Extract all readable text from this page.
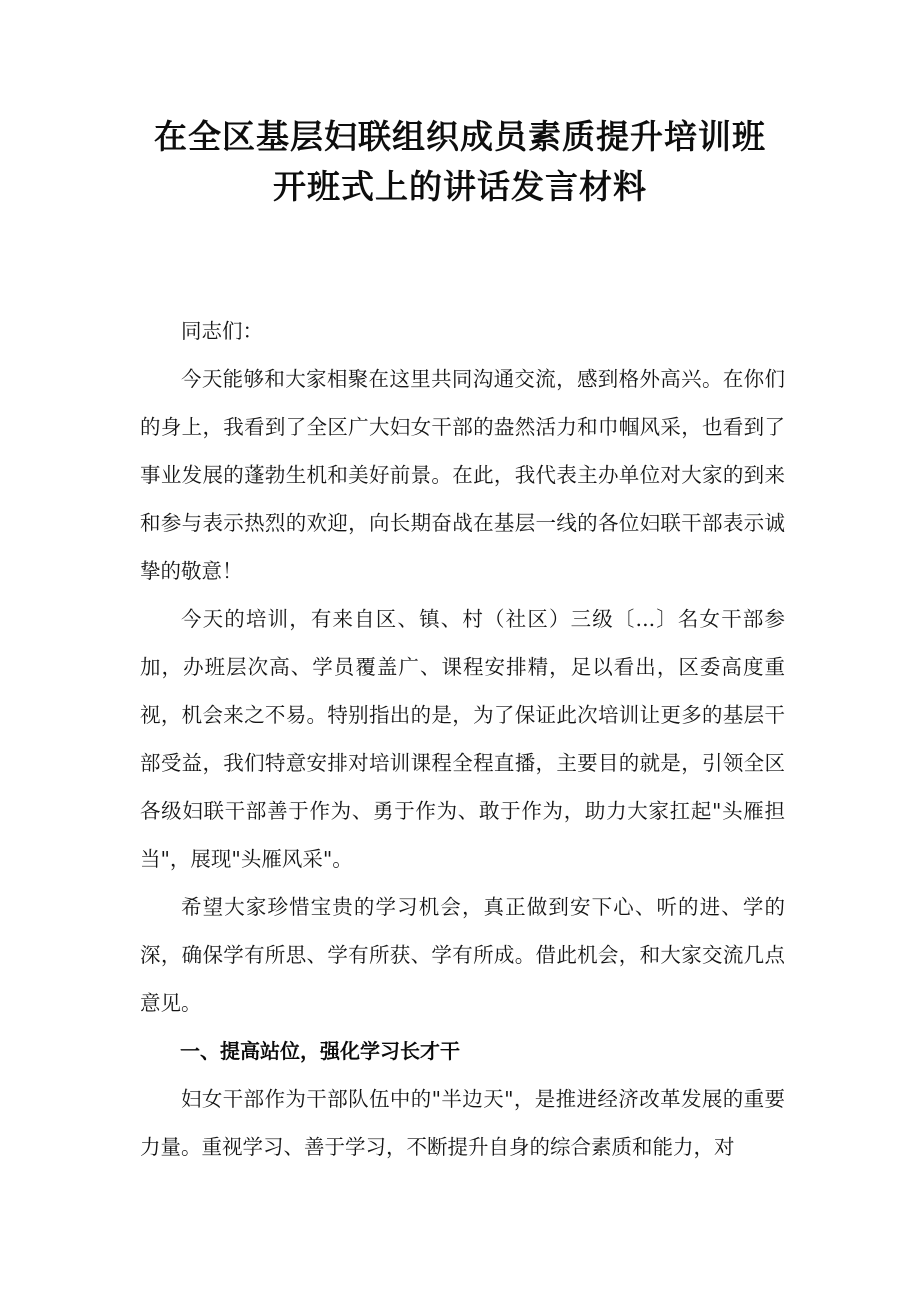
在全区基层妇联组织成员素质提升培训班
开班式上的讲话发言材料

同志们：

今天能够和大家相聚在这里共同沟通交流，感到格外高兴。在你们的身上，我看到了全区广大妇女干部的盎然活力和巾帼风采，也看到了事业发展的蓬勃生机和美好前景。在此，我代表主办单位对大家的到来和参与表示热烈的欢迎，向长期奋战在基层一线的各位妇联干部表示诚挚的敬意！

今天的培训，有来自区、镇、村（社区）三级〔...〕名女干部参加，办班层次高、学员覆盖广、课程安排精，足以看出，区委高度重视，机会来之不易。特别指出的是，为了保证此次培训让更多的基层干部受益，我们特意安排对培训课程全程直播，主要目的就是，引领全区各级妇联干部善于作为、勇于作为、敢于作为，助力大家扛起"头雁担当"，展现"头雁风采"。

希望大家珍惜宝贵的学习机会，真正做到安下心、听的进、学的深，确保学有所思、学有所获、学有所成。借此机会，和大家交流几点意见。

一、提高站位，强化学习长才干

妇女干部作为干部队伍中的"半边天"，是推进经济改革发展的重要力量。重视学习、善于学习，不断提升自身的综合素质和能力，对
